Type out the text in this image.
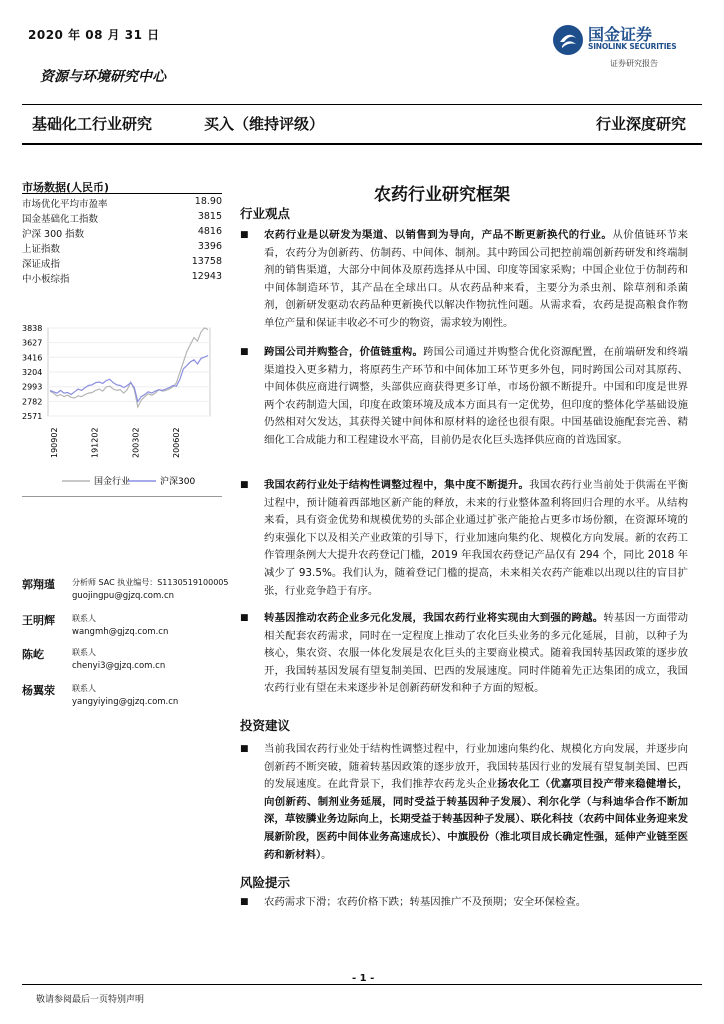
2020 年 08 月 31 日	国金证券
SINOLINK SECURITIES
证券研究报告
资源与环境研究中心
基础化工行业研究	买入（维持评级）	行业深度研究
市场数据(人民币)
市场优化平均市盈率	18.90
国金基础化工指数	3815
沪深 300 指数	4816
上证指数	3396
深证成指	13758
中小板综指	12943
3838
3627
3416
3204
2993
2782
2571
190902	191202	200302	200602
国金行业	沪深300
郭翔瑾 分析师 SAC 执业编号：S1130519100005
guojingpu@gjzq.com.cn
王明辉 联系人
wangmh@gjzq.com.cn
陈屹	联系人
chenyi3@gjzq.com.cn
杨翼荥 联系人
yangyiying@gjzq.com.cn
农药行业研究框架
行业观点
■ 农药行业是以研发为渠道、以销售到为导向，产品不断更新换代的行业。从价值链环节来看，农药分为创新药、仿制药、中间体、制剂。其中跨国公司把控前端创新药研发和终端制剂的销售渠道，大部分中间体及原药选择从中国、印度等国家采购；中国企业位于仿制药和中间体制造环节，其产品在全球出口。从农药品种来看，主要分为杀虫剂、除草剂和杀菌剂，创新研发驱动农药品种更新换代以解决作物抗性问题。从需求看，农药是提高粮食作物单位产量和保证丰收必不可少的物资，需求较为刚性。
■ 跨国公司并购整合，价值链重构。跨国公司通过并购整合优化资源配置，在前端研发和终端渠道投入更多精力，将原药生产环节和中间体加工环节更多外包，同时跨国公司对其原药、中间体供应商进行调整，头部供应商获得更多订单，市场份额不断提升。中国和印度是世界两个农药制造大国，印度在政策环境及成本方面具有一定优势，但印度的整体化学基础设施仍然相对欠发达，其获得关键中间体和原材料的途径也很有限。中国基础设施配套完善、精细化工合成能力和工程建设水平高，目前仍是农化巨头选择供应商的首选国家。
■ 我国农药行业处于结构性调整过程中，集中度不断提升。我国农药行业当前处于供需在平衡过程中，预计随着西部地区新产能的释放，未来的行业整体盈利将回归合理的水平。从结构来看，具有资金优势和规模优势的头部企业通过扩张产能抢占更多市场份额，在资源环境的约束强化下以及相关产业政策的引导下，行业加速向集约化、规模化方向发展。新的农药工作管理条例大大提升农药登记门槛，2019 年我国农药登记产品仅有 294 个，同比 2018 年减少了 93.5%。我们认为，随着登记门槛的提高，未来相关农药产能难以出现以往的盲目扩张，行业竞争趋于有序。
■ 转基因推动农药企业多元化发展，我国农药行业将实现由大到强的跨越。转基因一方面带动相关配套农药需求，同时在一定程度上推动了农化巨头业务的多元化延展，目前，以种子为核心，集农资、农服一体化发展是农化巨头的主要商业模式。随着我国转基因政策的逐步放开，我国转基因发展有望复制美国、巴西的发展速度。同时伴随着先正达集团的成立，我国农药行业有望在未来逐步补足创新药研发和种子方面的短板。
投资建议
■ 当前我国农药行业处于结构性调整过程中，行业加速向集约化、规模化方向发展，并逐步向创新药不断突破，随着转基因政策的逐步放开，我国转基因行业的发展有望复制美国、巴西的发展速度。在此背景下，我们推荐农药龙头企业扬农化工（优嘉项目投产带来稳健增长，向创新药、制剂业务延展，同时受益于转基因种子发展）、利尔化学（与科迪华合作不断加深，草铵膦业务边际向上，长期受益于转基因种子发展）、联化科技（农药中间体业务迎来发展新阶段，医药中间体业务高速成长）、中旗股份（淮北项目成长确定性强，延伸产业链至医药和新材料）。
风险提示
■ 农药需求下滑；农药价格下跌；转基因推广不及预期；安全环保检查。
- 1 -
敬请参阅最后一页特别声明
